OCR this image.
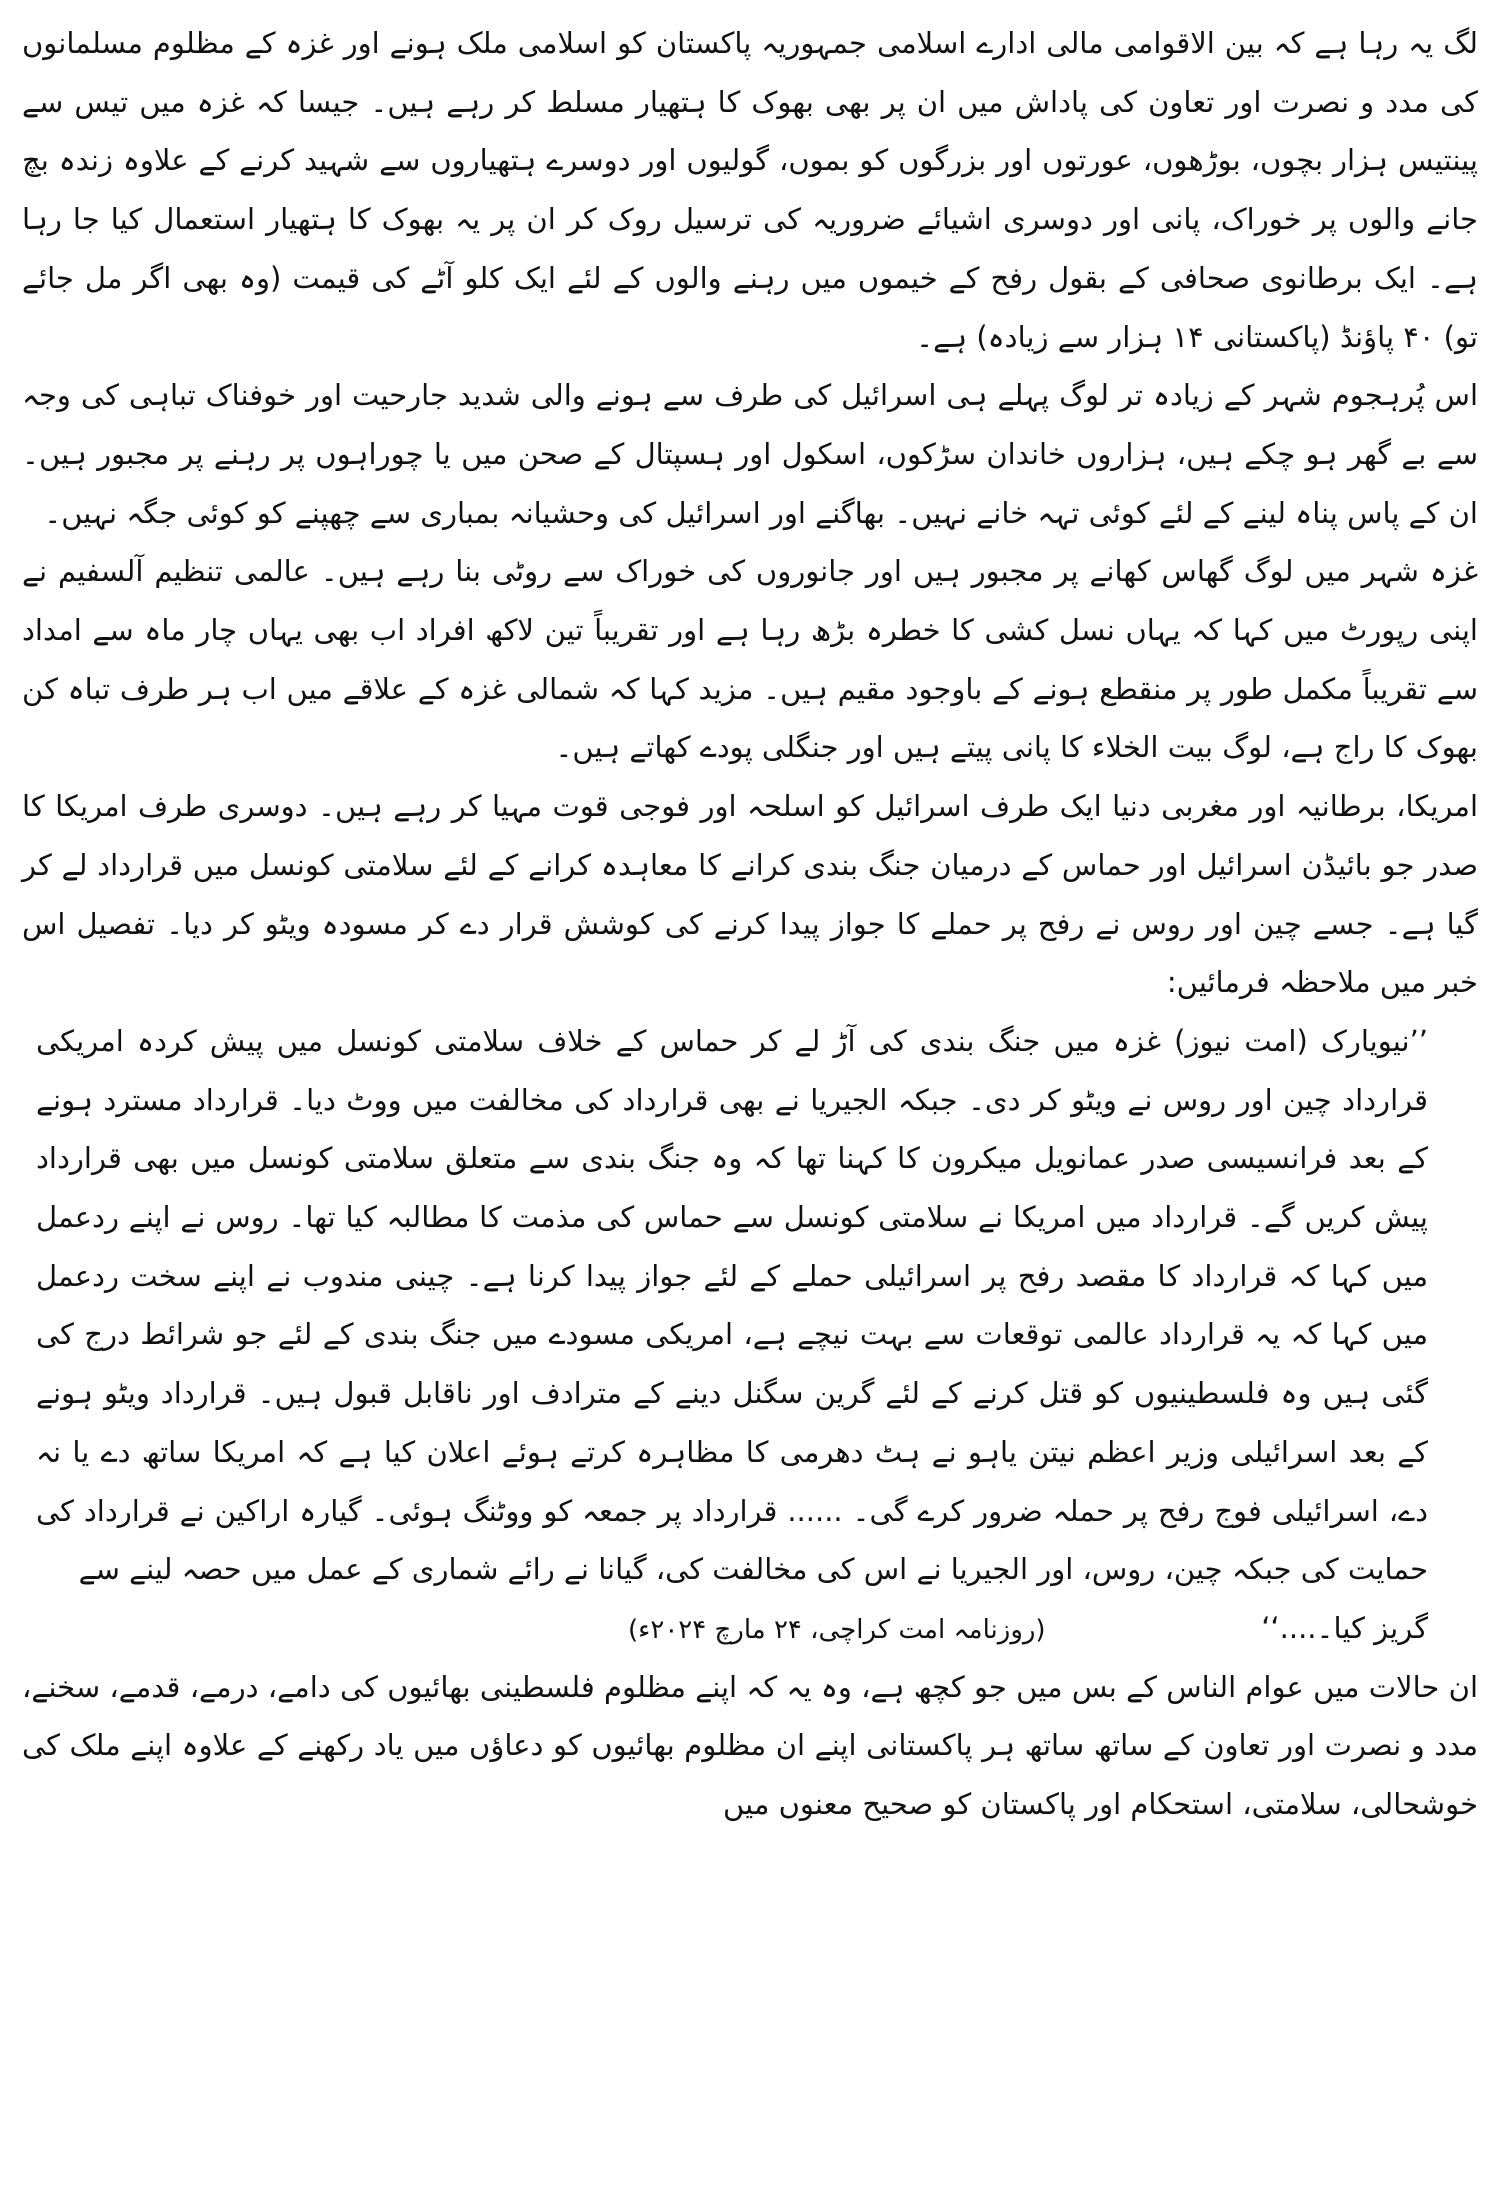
لگ یہ رہا ہے کہ بین الاقوامی مالی ادارے اسلامی جمہوریہ پاکستان کو اسلامی ملک ہونے اور غزہ کے مظلوم مسلمانوں کی مدد و نصرت اور تعاون کی پاداش میں ان پر بھی بھوک کا ہتھیار مسلط کر رہے ہیں۔ جیسا کہ غزہ میں تیس سے پینتیس ہزار بچوں، بوڑھوں، عورتوں اور بزرگوں کو بموں، گولیوں اور دوسرے ہتھیاروں سے شہید کرنے کے علاوہ زندہ بچ جانے والوں پر خوراک، پانی اور دوسری اشیائے ضروریہ کی ترسیل روک کر ان پر یہ بھوک کا ہتھیار استعمال کیا جا رہا ہے۔ ایک برطانوی صحافی کے بقول رفح کے خیموں میں رہنے والوں کے لئے ایک کلو آٹے کی قیمت (وہ بھی اگر مل جائے تو) ۴۰ پاؤنڈ (پاکستانی ۱۴ ہزار سے زیادہ) ہے۔

اس پُرہجوم شہر کے زیادہ تر لوگ پہلے ہی اسرائیل کی طرف سے ہونے والی شدید جارحیت اور خوفناک تباہی کی وجہ سے بے گھر ہو چکے ہیں، ہزاروں خاندان سڑکوں، اسکول اور ہسپتال کے صحن میں یا چوراہوں پر رہنے پر مجبور ہیں۔ ان کے پاس پناہ لینے کے لئے کوئی تہہ خانے نہیں۔ بھاگنے اور اسرائیل کی وحشیانہ بمباری سے چھپنے کو کوئی جگہ نہیں۔

غزہ شہر میں لوگ گھاس کھانے پر مجبور ہیں اور جانوروں کی خوراک سے روٹی بنا رہے ہیں۔ عالمی تنظیم آلسفیم نے اپنی رپورٹ میں کہا کہ یہاں نسل کشی کا خطرہ بڑھ رہا ہے اور تقریباً تین لاکھ افراد اب بھی یہاں چار ماہ سے امداد سے تقریباً مکمل طور پر منقطع ہونے کے باوجود مقیم ہیں۔ مزید کہا کہ شمالی غزہ کے علاقے میں اب ہر طرف تباہ کن بھوک کا راج ہے، لوگ بیت الخلاء کا پانی پیتے ہیں اور جنگلی پودے کھاتے ہیں۔

امریکا، برطانیہ اور مغربی دنیا ایک طرف اسرائیل کو اسلحہ اور فوجی قوت مہیا کر رہے ہیں۔ دوسری طرف امریکا کا صدر جو بائیڈن اسرائیل اور حماس کے درمیان جنگ بندی کرانے کا معاہدہ کرانے کے لئے سلامتی کونسل میں قرارداد لے کر گیا ہے۔ جسے چین اور روس نے رفح پر حملے کا جواز پیدا کرنے کی کوشش قرار دے کر مسودہ ویٹو کر دیا۔ تفصیل اس خبر میں ملاحظہ فرمائیں:

’’نیویارک (امت نیوز) غزہ میں جنگ بندی کی آڑ لے کر حماس کے خلاف سلامتی کونسل میں پیش کردہ امریکی قرارداد چین اور روس نے ویٹو کر دی۔ جبکہ الجیریا نے بھی قرارداد کی مخالفت میں ووٹ دیا۔ قرارداد مسترد ہونے کے بعد فرانسیسی صدر عمانویل میکرون کا کہنا تھا کہ وہ جنگ بندی سے متعلق سلامتی کونسل میں بھی قرارداد پیش کریں گے۔ قرارداد میں امریکا نے سلامتی کونسل سے حماس کی مذمت کا مطالبہ کیا تھا۔ روس نے اپنے ردعمل میں کہا کہ قرارداد کا مقصد رفح پر اسرائیلی حملے کے لئے جواز پیدا کرنا ہے۔ چینی مندوب نے اپنے سخت ردعمل میں کہا کہ یہ قرارداد عالمی توقعات سے بہت نیچے ہے، امریکی مسودے میں جنگ بندی کے لئے جو شرائط درج کی گئی ہیں وہ فلسطینیوں کو قتل کرنے کے لئے گرین سگنل دینے کے مترادف اور ناقابل قبول ہیں۔ قرارداد ویٹو ہونے کے بعد اسرائیلی وزیر اعظم نیتن یاہو نے ہٹ دھرمی کا مظاہرہ کرتے ہوئے اعلان کیا ہے کہ امریکا ساتھ دے یا نہ دے، اسرائیلی فوج رفح پر حملہ ضرور کرے گی۔ ...... قرارداد پر جمعہ کو ووٹنگ ہوئی۔ گیارہ اراکین نے قرارداد کی حمایت کی جبکہ چین، روس، اور الجیریا نے اس کی مخالفت کی، گیانا نے رائے شماری کے عمل میں حصہ لینے سے

گریز کیا۔....‘‘
(روزنامہ امت کراچی، ۲۴ مارچ ۲۰۲۴ء)

ان حالات میں عوام الناس کے بس میں جو کچھ ہے، وہ یہ کہ اپنے مظلوم فلسطینی بھائیوں کی دامے، درمے، قدمے، سخنے، مدد و نصرت اور تعاون کے ساتھ ساتھ ہر پاکستانی اپنے ان مظلوم بھائیوں کو دعاؤں میں یاد رکھنے کے علاوہ اپنے ملک کی خوشحالی، سلامتی، استحکام اور پاکستان کو صحیح معنوں میں
